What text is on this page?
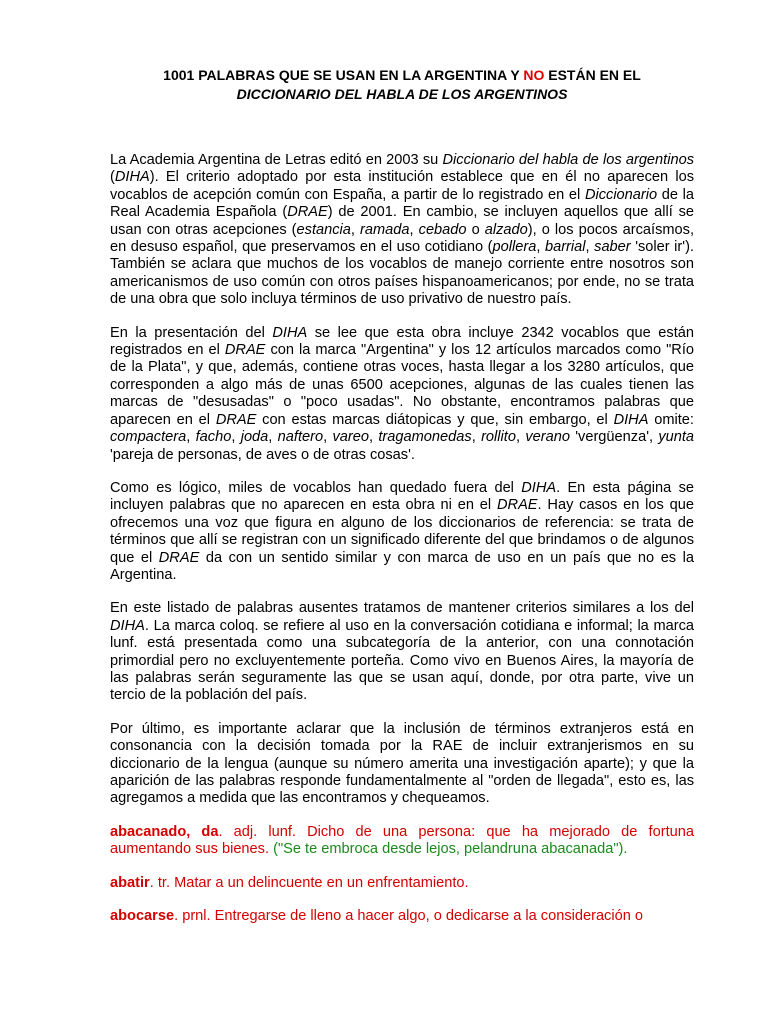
1001 PALABRAS QUE SE USAN EN LA ARGENTINA Y NO ESTÁN EN EL
DICCIONARIO DEL HABLA DE LOS ARGENTINOS

La Academia Argentina de Letras editó en 2003 su Diccionario del habla de los argentinos (DIHA). El criterio adoptado por esta institución establece que en él no aparecen los vocablos de acepción común con España, a partir de lo registrado en el Diccionario de la Real Academia Española (DRAE) de 2001. En cambio, se incluyen aquellos que allí se usan con otras acepciones (estancia, ramada, cebado o alzado), o los pocos arcaísmos, en desuso español, que preservamos en el uso cotidiano (pollera, barrial, saber 'soler ir'). También se aclara que muchos de los vocablos de manejo corriente entre nosotros son americanismos de uso común con otros países hispanoamericanos; por ende, no se trata de una obra que solo incluya términos de uso privativo de nuestro país.

En la presentación del DIHA se lee que esta obra incluye 2342 vocablos que están registrados en el DRAE con la marca "Argentina" y los 12 artículos marcados como "Río de la Plata", y que, además, contiene otras voces, hasta llegar a los 3280 artículos, que corresponden a algo más de unas 6500 acepciones, algunas de las cuales tienen las marcas de "desusadas" o "poco usadas". No obstante, encontramos palabras que aparecen en el DRAE con estas marcas diátopicas y que, sin embargo, el DIHA omite: compactera, facho, joda, naftero, vareo, tragamonedas, rollito, verano 'vergüenza', yunta 'pareja de personas, de aves o de otras cosas'.

Como es lógico, miles de vocablos han quedado fuera del DIHA. En esta página se incluyen palabras que no aparecen en esta obra ni en el DRAE. Hay casos en los que ofrecemos una voz que figura en alguno de los diccionarios de referencia: se trata de términos que allí se registran con un significado diferente del que brindamos o de algunos que el DRAE da con un sentido similar y con marca de uso en un país que no es la Argentina.

En este listado de palabras ausentes tratamos de mantener criterios similares a los del DIHA. La marca coloq. se refiere al uso en la conversación cotidiana e informal; la marca lunf. está presentada como una subcategoría de la anterior, con una connotación primordial pero no excluyentemente porteña. Como vivo en Buenos Aires, la mayoría de las palabras serán seguramente las que se usan aquí, donde, por otra parte, vive un tercio de la población del país.

Por último, es importante aclarar que la inclusión de términos extranjeros está en consonancia con la decisión tomada por la RAE de incluir extranjerismos en su diccionario de la lengua (aunque su número amerita una investigación aparte); y que la aparición de las palabras responde fundamentalmente al "orden de llegada", esto es, las agregamos a medida que las encontramos y chequeamos.

abacanado, da. adj. lunf. Dicho de una persona: que ha mejorado de fortuna aumentando sus bienes. ("Se te embroca desde lejos, pelandruna abacanada").

abatir. tr. Matar a un delincuente en un enfrentamiento.

abocarse. prnl. Entregarse de lleno a hacer algo, o dedicarse a la consideración o
